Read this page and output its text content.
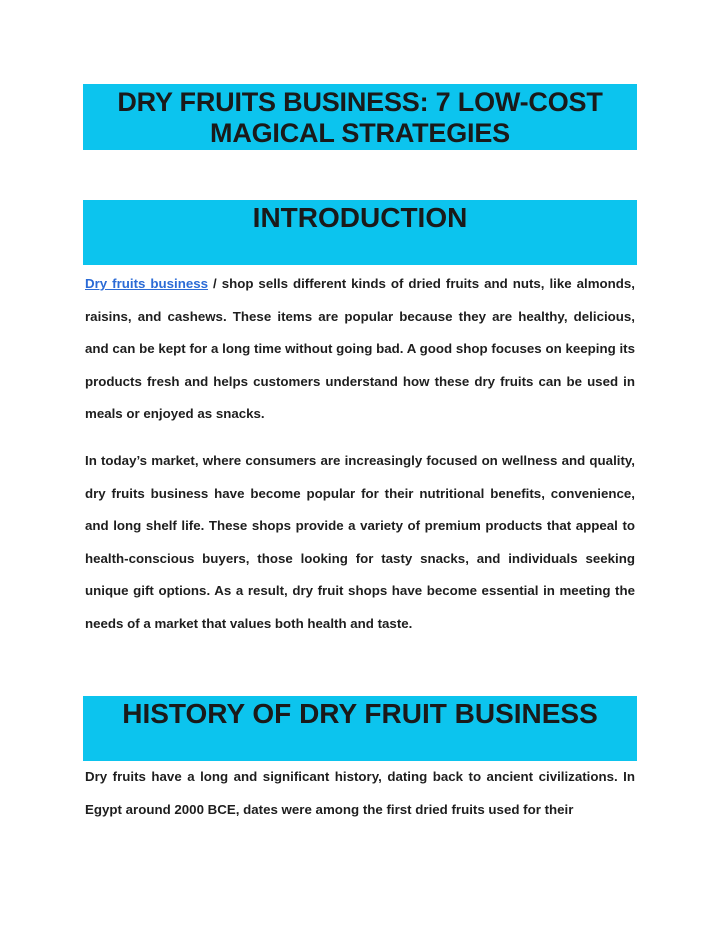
DRY FRUITS BUSINESS: 7 LOW-COST
MAGICAL STRATEGIES
INTRODUCTION
Dry fruits business / shop sells different kinds of dried fruits and nuts, like almonds, raisins, and cashews. These items are popular because they are healthy, delicious, and can be kept for a long time without going bad. A good shop focuses on keeping its products fresh and helps customers understand how these dry fruits can be used in meals or enjoyed as snacks.
In today’s market, where consumers are increasingly focused on wellness and quality, dry fruits business have become popular for their nutritional benefits, convenience, and long shelf life. These shops provide a variety of premium products that appeal to health-conscious buyers, those looking for tasty snacks, and individuals seeking unique gift options. As a result, dry fruit shops have become essential in meeting the needs of a market that values both health and taste.
HISTORY OF DRY FRUIT BUSINESS
Dry fruits have a long and significant history, dating back to ancient civilizations. In Egypt around 2000 BCE, dates were among the first dried fruits used for their
